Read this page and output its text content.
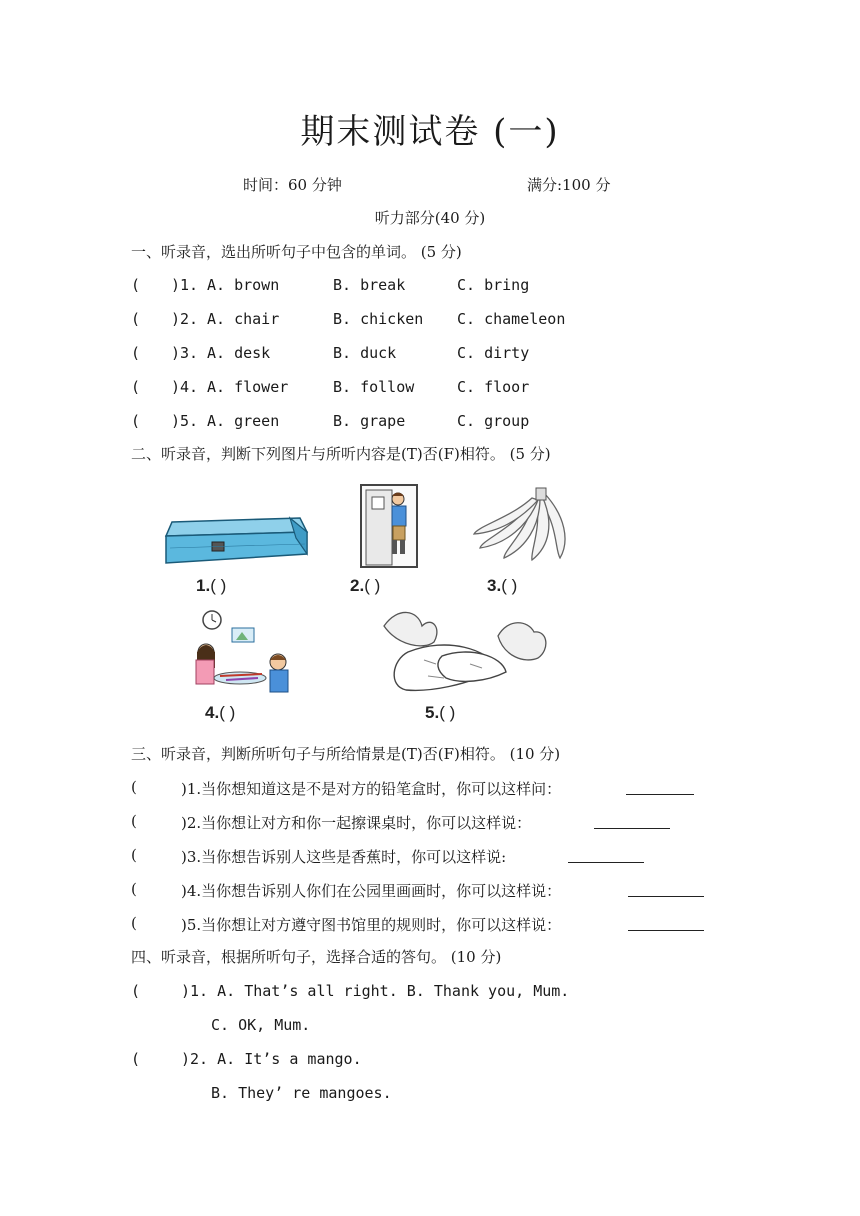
期末测试卷 (一)
时间：60 分钟	满分:100 分
听力部分(40 分)
一、听录音，选出所听句子中包含的单词。 (5 分)
( )1. A. brown	B. break	C. bring
( )2. A. chair	B. chicken C. chameleon
( )3. A. desk	B. duck	C. dirty
( )4. A. flower	B. follow	C. floor
( )5. A. green	B. grape	C. group
二、听录音，判断下列图片与所听内容是(T)否(F)相符。 (5 分)
1.( )	2.( )	3.( )
4.( )	5.( )
三、听录音，判断所听句子与所给情景是(T)否(F)相符。 (10 分)
(	)1.当你想知道这是不是对方的铅笔盒时，你可以这样问：
(	)2.当你想让对方和你一起擦课桌时，你可以这样说：
(	)3.当你想告诉别人这些是香蕉时，你可以这样说:
(	)4.当你想告诉别人你们在公园里画画时，你可以这样说：
(	)5.当你想让对方遵守图书馆里的规则时，你可以这样说：
四、听录音，根据所听句子，选择合适的答句。 (10 分)
(	)1. A. That’s all right. B. Thank you, Mum.
C. OK, Mum.
(	)2. A. It’s a mango.
B. They’ re mangoes.
